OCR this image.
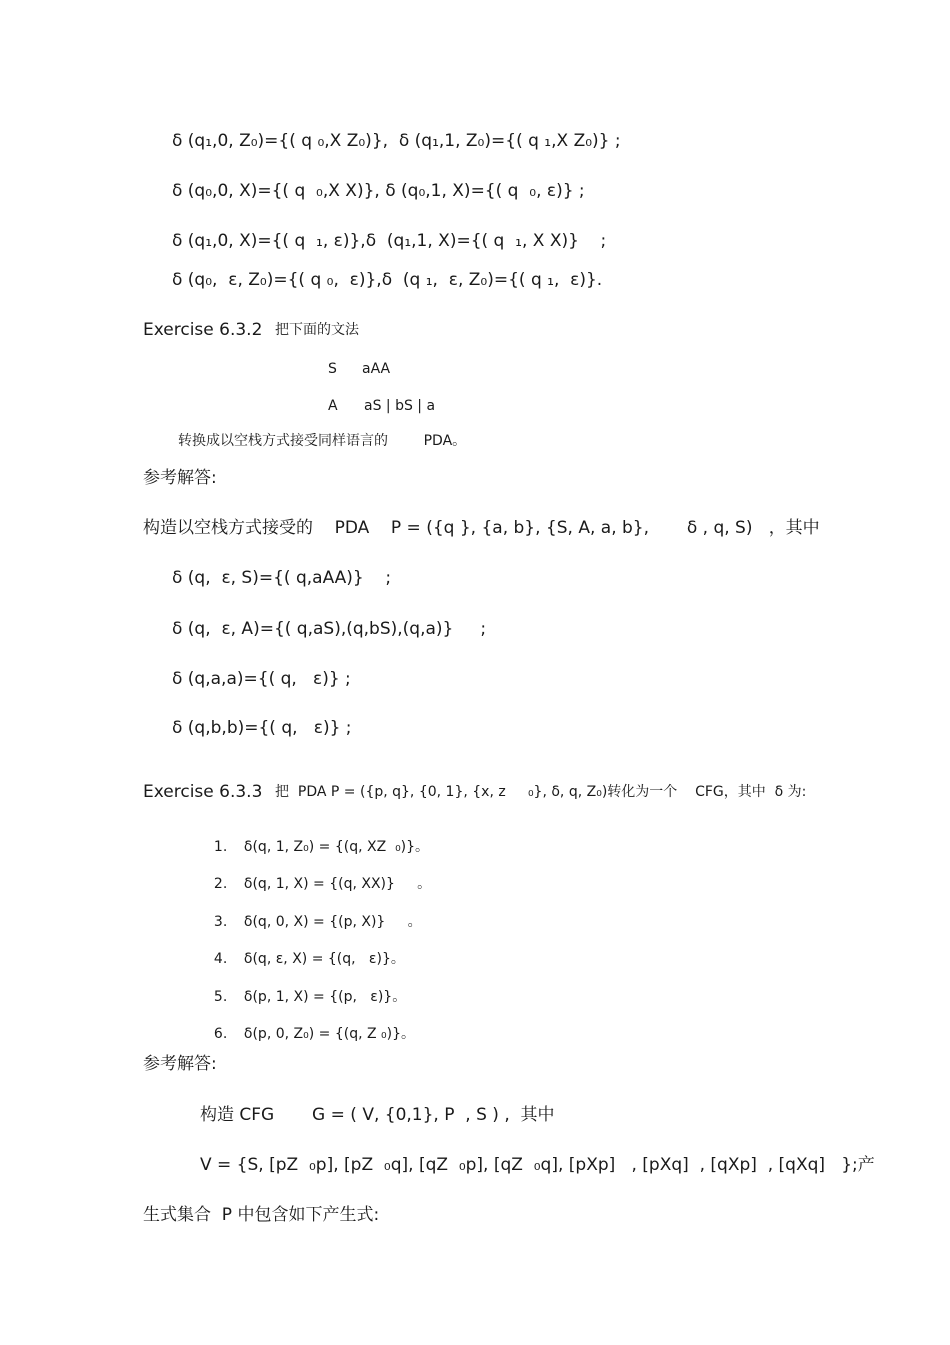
δ (q₁,0, Z₀)={( q ₀,X Z₀)},  δ (q₁,1, Z₀)={( q ₁,X Z₀)} ;
δ (q₀,0, X)={( q  ₀,X X)}, δ (q₀,1, X)={( q  ₀, ε)} ;
δ (q₁,0, X)={( q  ₁, ε)},δ  (q₁,1, X)={( q  ₁, X X)}    ;
δ (q₀,  ε, Z₀)={( q ₀,  ε)},δ  (q ₁,  ε, Z₀)={( q ₁,  ε)}.
Exercise 6.3.2 把下面的文法
S aAA
A aS | bS | a
转换成以空栈方式接受同样语言的        PDA。
参考解答:
构造以空栈方式接受的    PDA    P = ({q }, {a, b}, {S, A, a, b},       δ , q, S)   ，其中
δ (q,  ε, S)={( q,aAA)}    ;
δ (q,  ε, A)={( q,aS),(q,bS),(q,a)}     ;
δ (q,a,a)={( q,   ε)} ;
δ (q,b,b)={( q,   ε)} ;
Exercise 6.3.3 把  PDA P = ({p, q}, {0, 1}, {x, z     ₀}, δ, q, Z₀)转化为一个    CFG，其中  δ 为:

1. δ(q, 1, Z₀) = {(q, XZ  ₀)}。

2. δ(q, 1, X) = {(q, XX)}     。

3. δ(q, 0, X) = {(p, X)}     。

4. δ(q, ε, X) = {(q,   ε)}。

5. δ(p, 1, X) = {(p,   ε)}。

6. δ(p, 0, Z₀) = {(q, Z ₀)}。

参考解答:
构造 CFG       G = ( V, {0,1}, P  , S ) ,  其中
V = {S, [pZ  ₀p], [pZ  ₀q], [qZ  ₀p], [qZ  ₀q], [pXp]   , [pXq]  , [qXp]  , [qXq]   };产
生式集合  P 中包含如下产生式:
